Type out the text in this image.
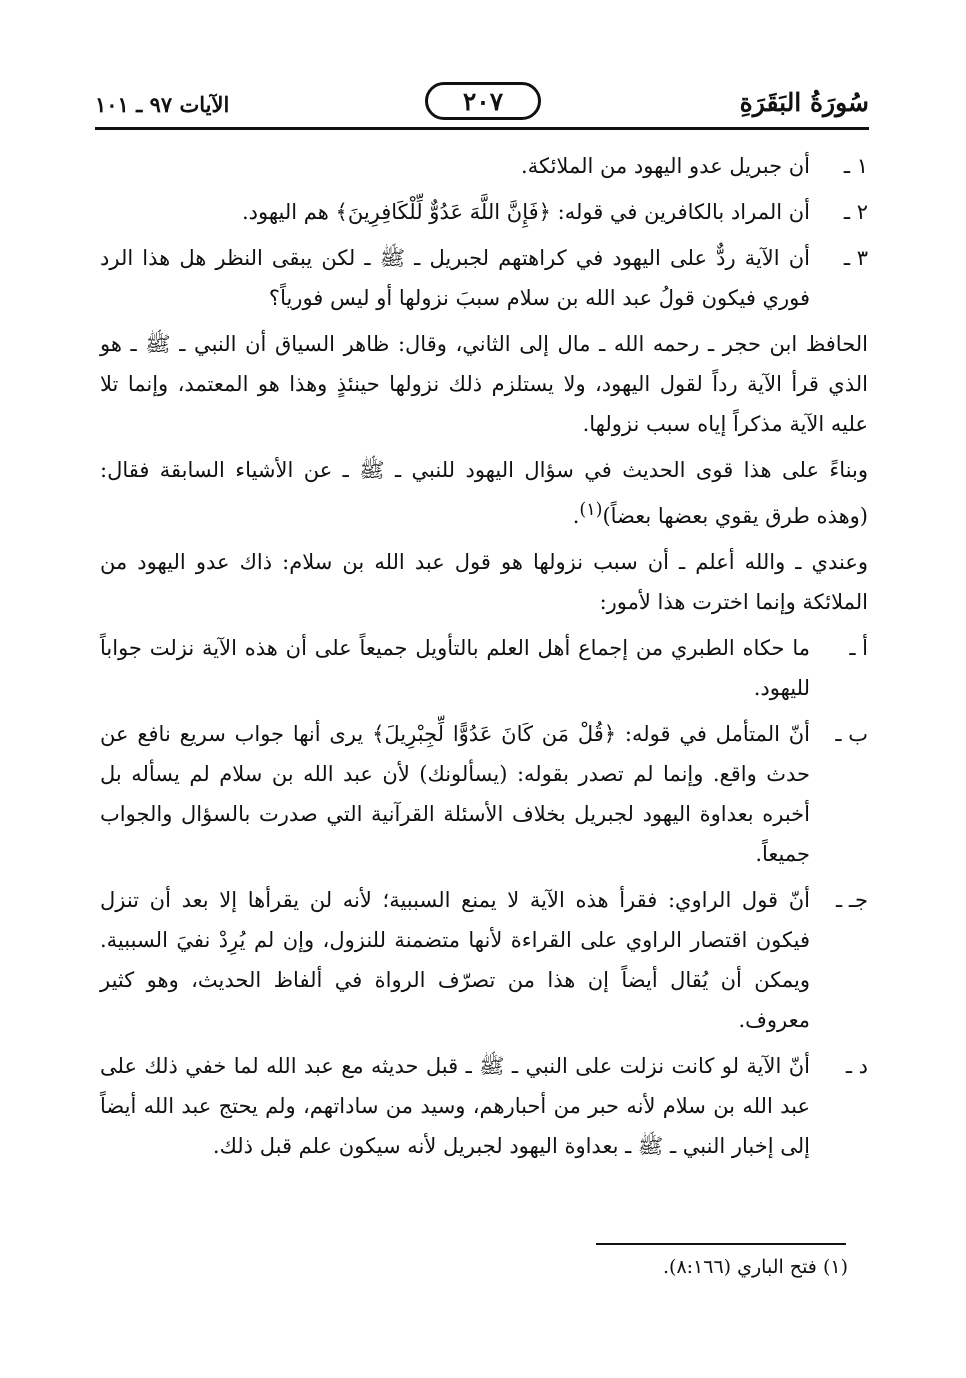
سُورَةُ البَقَرَةِ
٢٠٧
الآيات ٩٧ ـ ١٠١
١ ـ
أن جبريل عدو اليهود من الملائكة.
٢ ـ
أن المراد بالكافرين في قوله: ﴿فَإِنَّ اللَّهَ عَدُوٌّ لِّلْكَافِرِينَ﴾ هم اليهود.
٣ ـ
أن الآية ردٌّ على اليهود في كراهتهم لجبريل ـ ﷺ ـ لكن يبقى النظر هل هذا الرد فوري فيكون قولُ عبد الله بن سلام سببَ نزولها أو ليس فورياً؟
الحافظ ابن حجر ـ رحمه الله ـ مال إلى الثاني، وقال: ظاهر السياق أن النبي ـ ﷺ ـ هو الذي قرأ الآية رداً لقول اليهود، ولا يستلزم ذلك نزولها حينئذٍ وهذا هو المعتمد، وإنما تلا عليه الآية مذكراً إياه سبب نزولها.
وبناءً على هذا قوى الحديث في سؤال اليهود للنبي ـ ﷺ ـ عن الأشياء السابقة فقال: (وهذه طرق يقوي بعضها بعضاً)$^{(١)}$.
وعندي ـ والله أعلم ـ أن سبب نزولها هو قول عبد الله بن سلام: ذاك عدو اليهود من الملائكة وإنما اخترت هذا لأمور:
أ ـ
ما حكاه الطبري من إجماع أهل العلم بالتأويل جميعاً على أن هذه الآية نزلت جواباً لليهود.
ب ـ
أنّ المتأمل في قوله: ﴿قُلْ مَن كَانَ عَدُوًّا لِّجِبْرِيلَ﴾ يرى أنها جواب سريع نافع عن حدث واقع. وإنما لم تصدر بقوله: (يسألونك) لأن عبد الله بن سلام لم يسأله بل أخبره بعداوة اليهود لجبريل بخلاف الأسئلة القرآنية التي صدرت بالسؤال والجواب جميعاً.
جـ ـ
أنّ قول الراوي: فقرأ هذه الآية لا يمنع السببية؛ لأنه لن يقرأها إلا بعد أن تنزل فيكون اقتصار الراوي على القراءة لأنها متضمنة للنزول، وإن لم يُرِدْ نفيَ السببية. ويمكن أن يُقال أيضاً إن هذا من تصرّف الرواة في ألفاظ الحديث، وهو كثير معروف.
د ـ
أنّ الآية لو كانت نزلت على النبي ـ ﷺ ـ قبل حديثه مع عبد الله لما خفي ذلك على عبد الله بن سلام لأنه حبر من أحبارهم، وسيد من ساداتهم، ولم يحتج عبد الله أيضاً إلى إخبار النبي ـ ﷺ ـ بعداوة اليهود لجبريل لأنه سيكون علم قبل ذلك.
(١) فتح الباري (٨:١٦٦).
